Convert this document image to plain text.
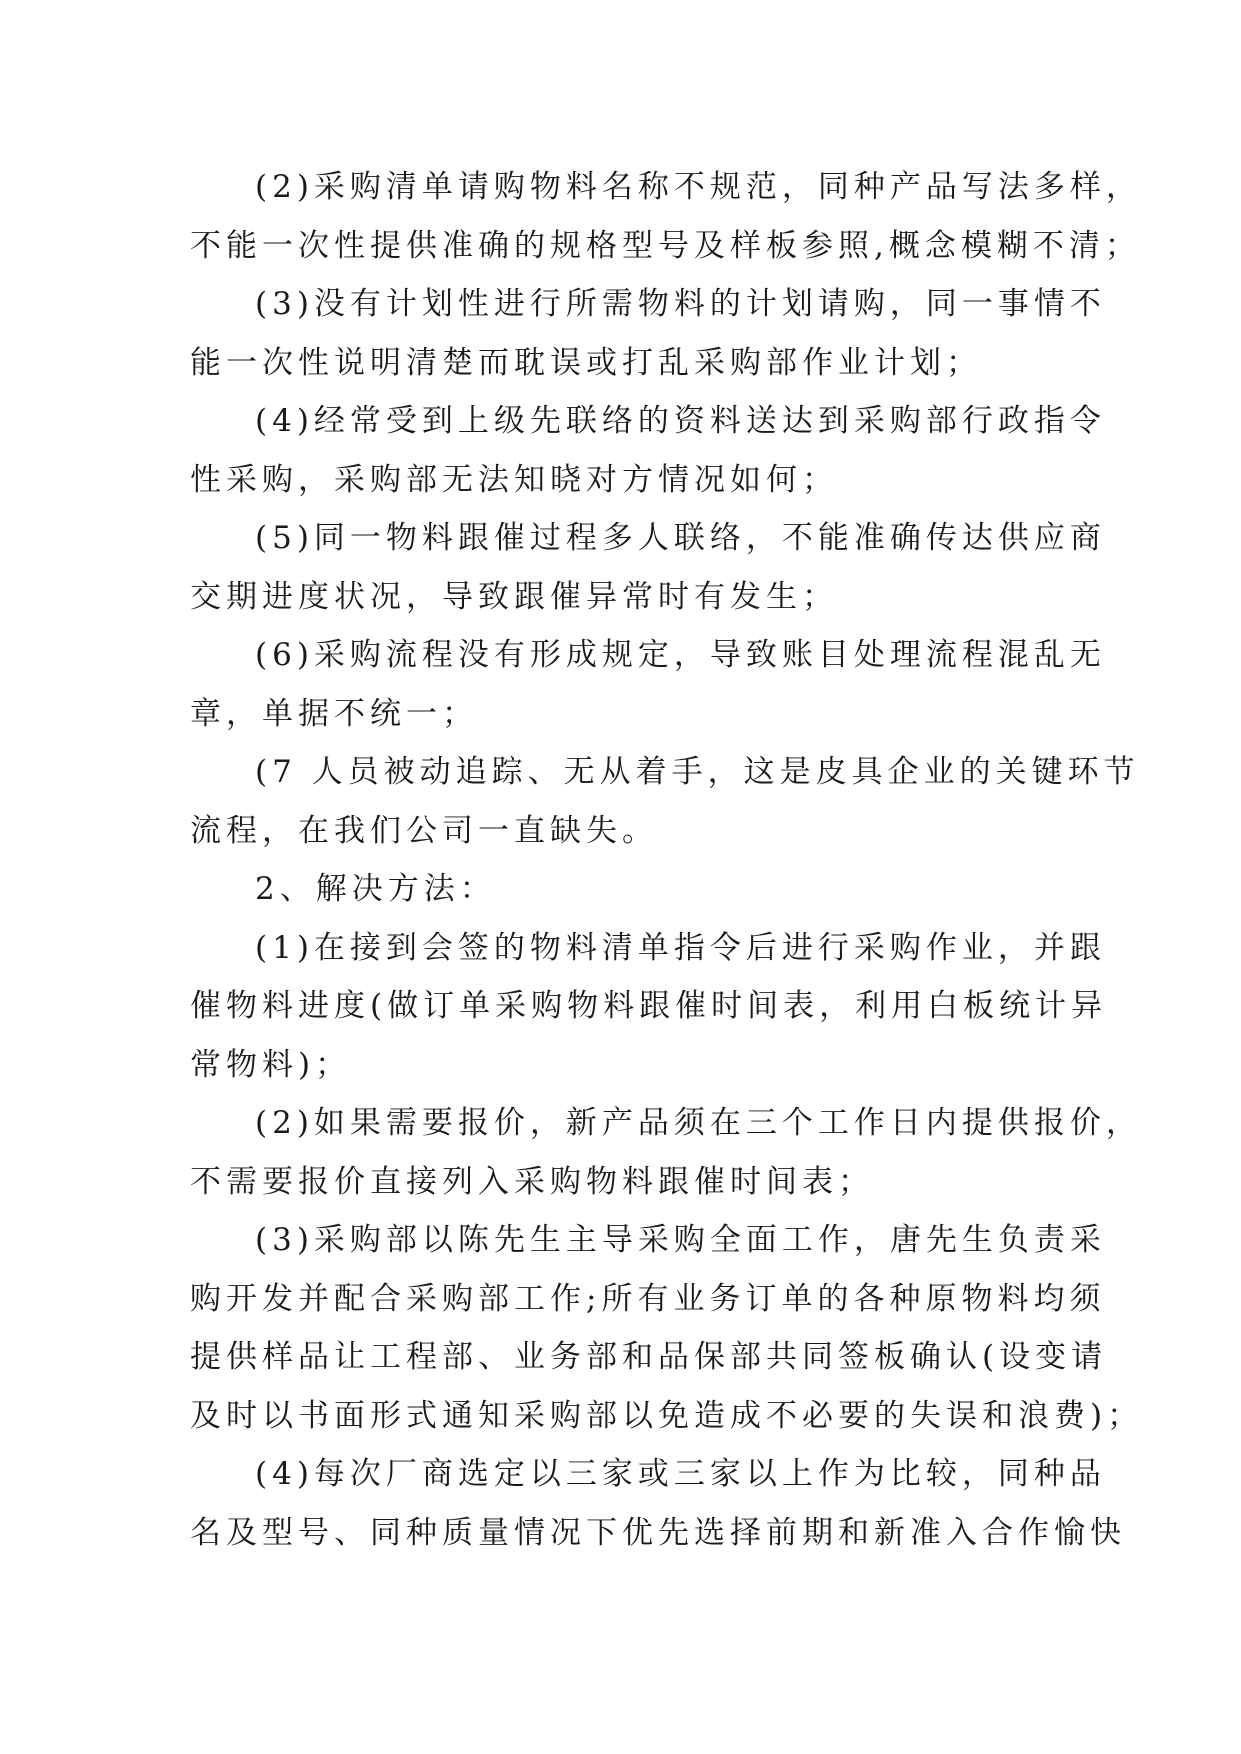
(2)采购清单请购物料名称不规范，同种产品写法多样，
不能一次性提供准确的规格型号及样板参照,概念模糊不清；
(3)没有计划性进行所需物料的计划请购，同一事情不
能一次性说明清楚而耽误或打乱采购部作业计划；
(4)经常受到上级先联络的资料送达到采购部行政指令
性采购，采购部无法知晓对方情况如何；
(5)同一物料跟催过程多人联络，不能准确传达供应商
交期进度状况，导致跟催异常时有发生；
(6)采购流程没有形成规定，导致账目处理流程混乱无
章，单据不统一；
(7 人员被动追踪、无从着手，这是皮具企业的关键环节
流程，在我们公司一直缺失。
2、解决方法：
(1)在接到会签的物料清单指令后进行采购作业，并跟
催物料进度(做订单采购物料跟催时间表，利用白板统计异
常物料)；
(2)如果需要报价，新产品须在三个工作日内提供报价，
不需要报价直接列入采购物料跟催时间表；
(3)采购部以陈先生主导采购全面工作，唐先生负责采
购开发并配合采购部工作;所有业务订单的各种原物料均须
提供样品让工程部、业务部和品保部共同签板确认(设变请
及时以书面形式通知采购部以免造成不必要的失误和浪费)；
(4)每次厂商选定以三家或三家以上作为比较，同种品
名及型号、同种质量情况下优先选择前期和新准入合作愉快
